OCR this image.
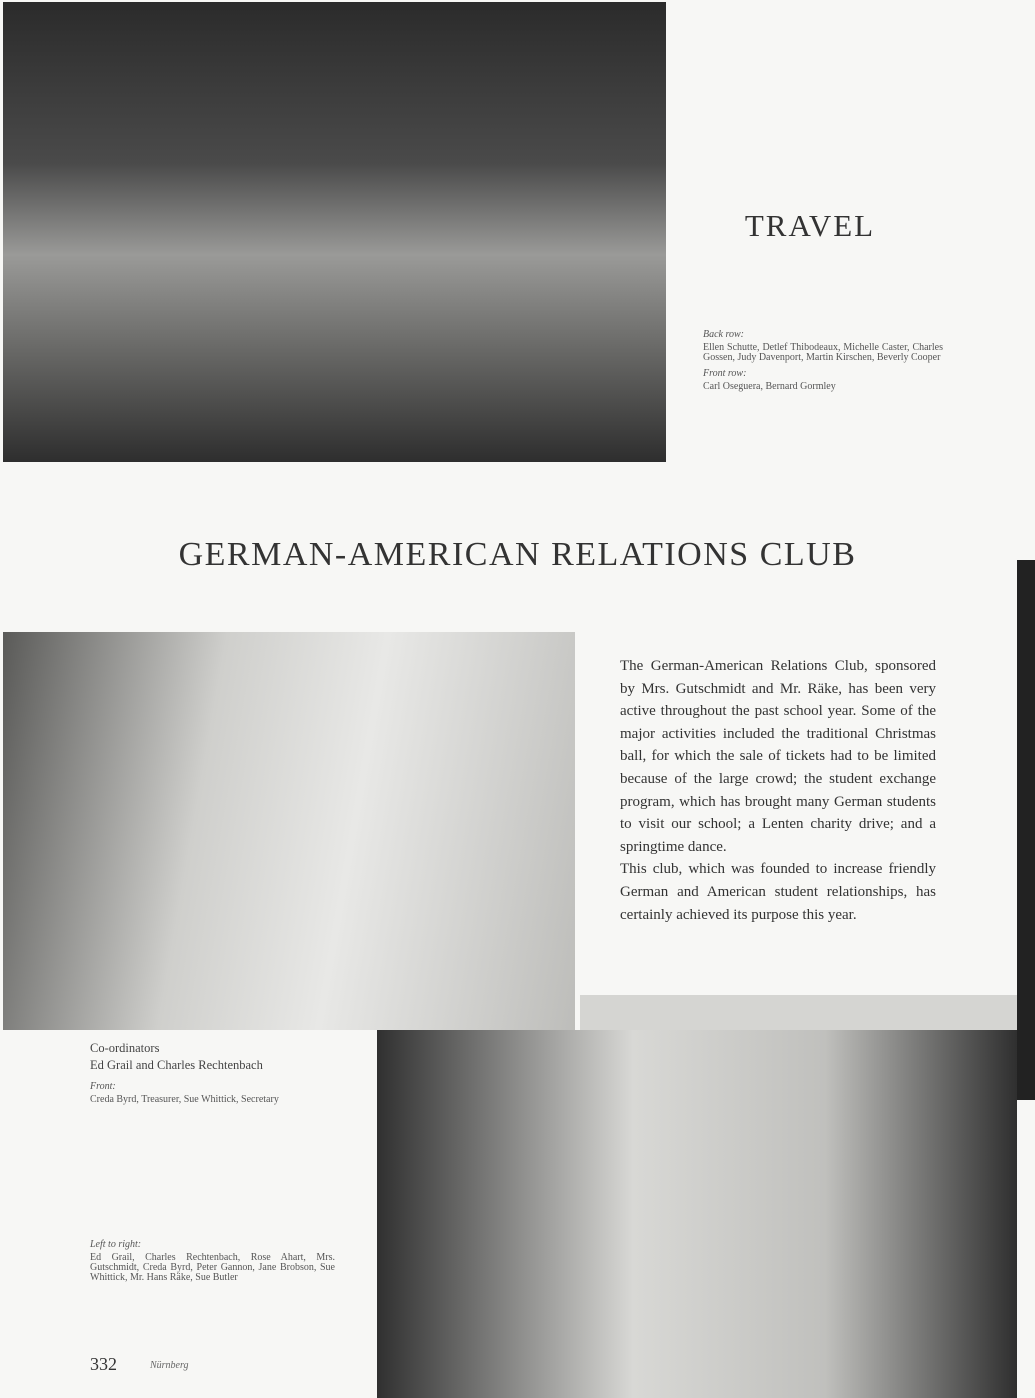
TRAVEL
Back row:
Ellen Schutte, Detlef Thibodeaux, Michelle Caster, Charles Gossen, Judy Davenport, Martin Kirschen, Beverly Cooper
Front row:
Carl Oseguera, Bernard Gormley
GERMAN-AMERICAN RELATIONS CLUB

The German-American Relations Club, sponsored by Mrs. Gutschmidt and Mr. Räke, has been very active throughout the past school year. Some of the major activities included the traditional Christmas ball, for which the sale of tickets had to be limited because of the large crowd; the student exchange program, which has brought many German students to visit our school; a Lenten charity drive; and a springtime dance.

This club, which was founded to increase friendly German and American student relationships, has certainly achieved its purpose this year.

Co-ordinators
Ed Grail and Charles Rechtenbach
Front:
Creda Byrd, Treasurer, Sue Whittick, Secretary
Left to right:
Ed Grail, Charles Rechtenbach, Rose Ahart, Mrs. Gutschmidt, Creda Byrd, Peter Gannon, Jane Brobson, Sue Whittick, Mr. Hans Räke, Sue Butler
332	Nürnberg
